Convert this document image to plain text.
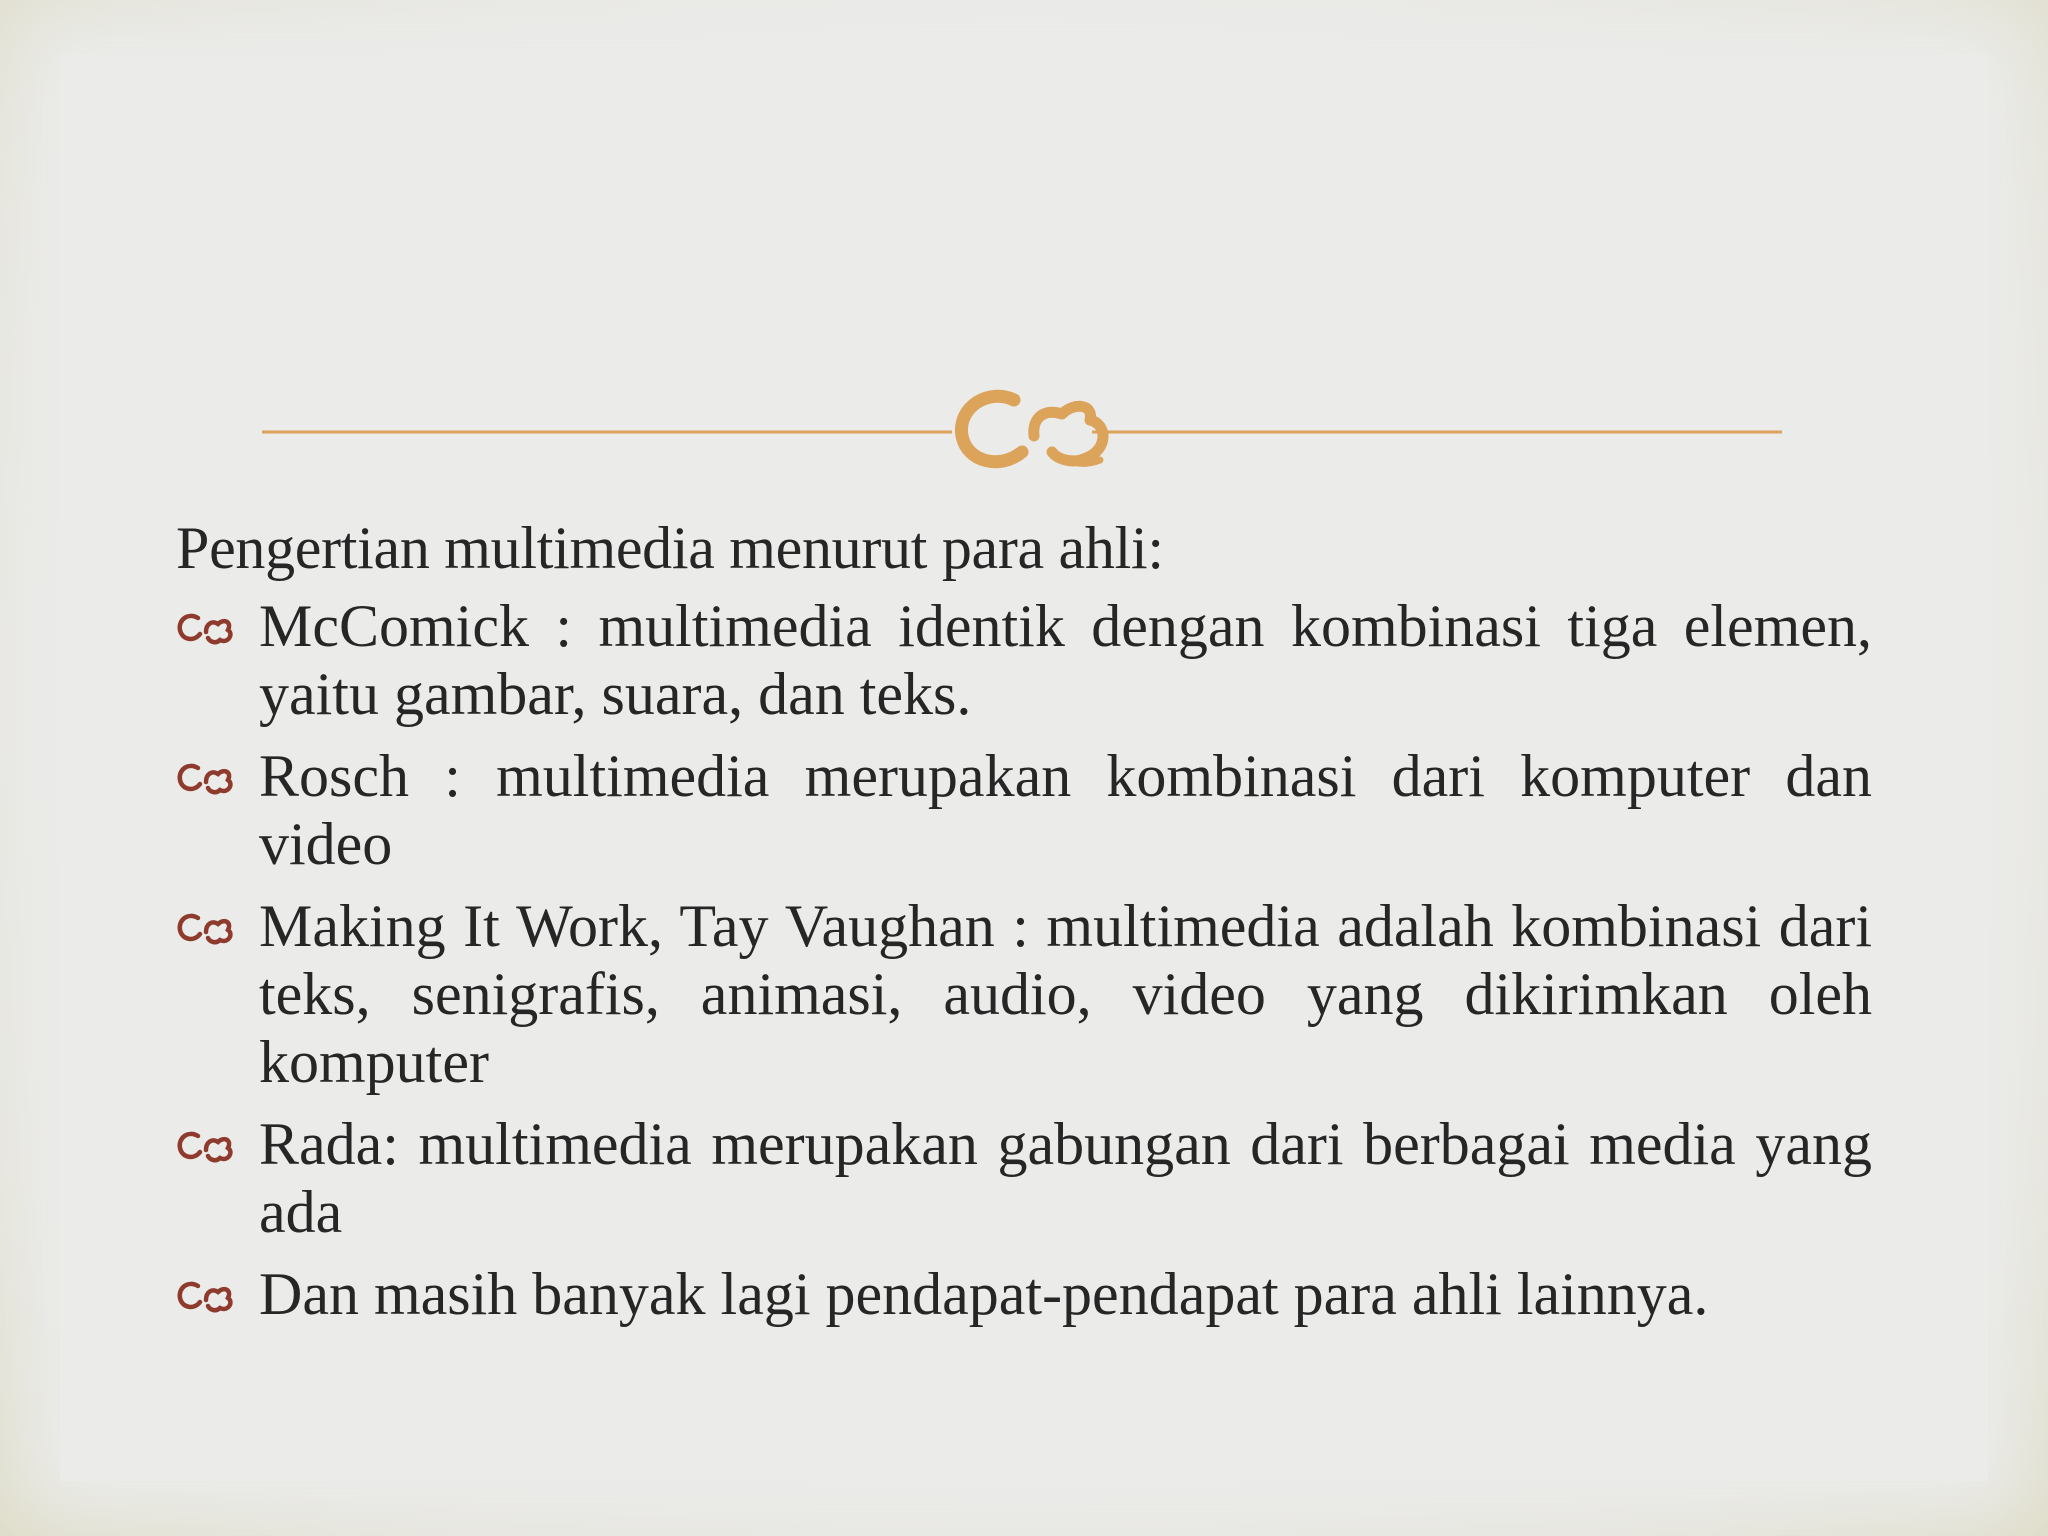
Pengertian multimedia menurut para ahli:

McComick : multimedia identik dengan kombinasi tiga elemen, yaitu gambar, suara, dan teks.
Rosch : multimedia merupakan kombinasi dari komputer dan video
Making It Work, Tay Vaughan : multimedia adalah kombinasi dari teks, senigrafis, animasi, audio, video yang dikirimkan oleh komputer
Rada: multimedia merupakan gabungan dari berbagai media yang ada
Dan masih banyak lagi pendapat-pendapat para ahli lainnya.
